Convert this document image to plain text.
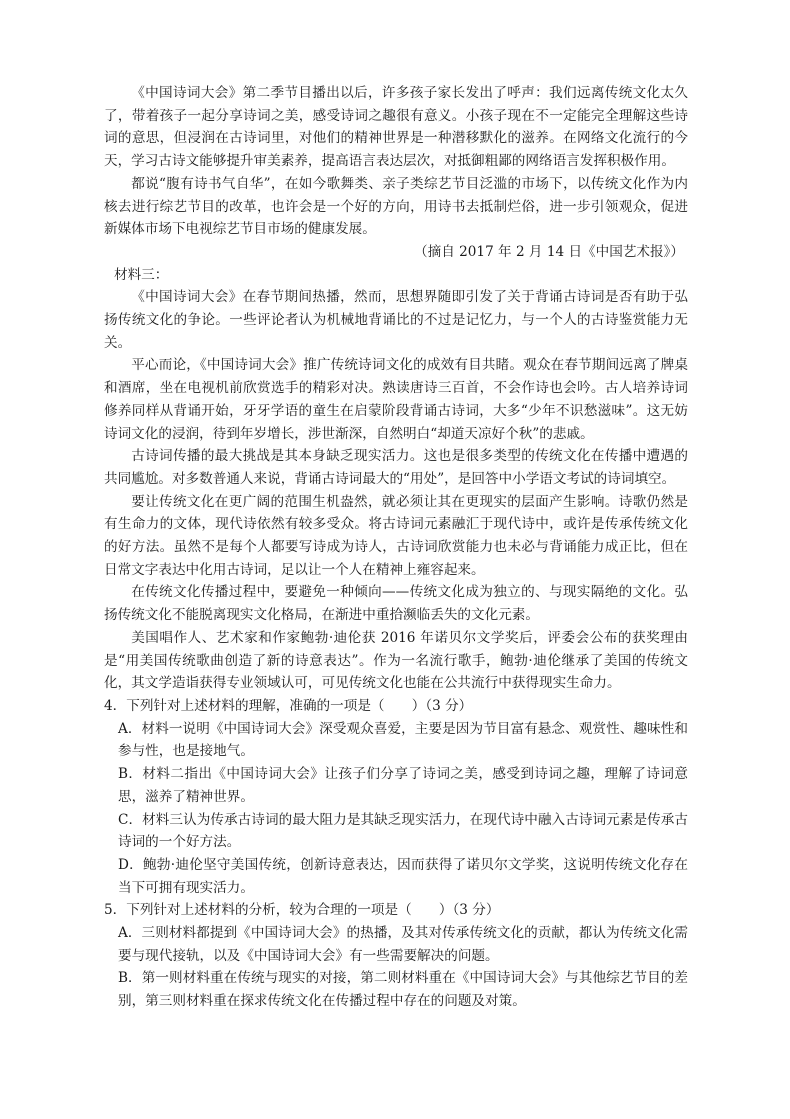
《中国诗词大会》第二季节目播出以后，许多孩子家长发出了呼声：我们远离传统文化太久了，带着孩子一起分享诗词之美，感受诗词之趣很有意义。小孩子现在不一定能完全理解这些诗词的意思，但浸润在古诗词里，对他们的精神世界是一种潜移默化的滋养。在网络文化流行的今天，学习古诗文能够提升审美素养，提高语言表达层次，对抵御粗鄙的网络语言发挥积极作用。

都说“腹有诗书气自华”，在如今歌舞类、亲子类综艺节目泛滥的市场下，以传统文化作为内核去进行综艺节目的改革，也许会是一个好的方向，用诗书去抵制烂俗，进一步引领观众，促进新媒体市场下电视综艺节目市场的健康发展。

（摘自 2017 年 2 月 14 日《中国艺术报》）

材料三：

《中国诗词大会》在春节期间热播，然而，思想界随即引发了关于背诵古诗词是否有助于弘扬传统文化的争论。一些评论者认为机械地背诵比的不过是记忆力，与一个人的古诗鉴赏能力无关。

平心而论，《中国诗词大会》推广传统诗词文化的成效有目共睹。观众在春节期间远离了牌桌和酒席，坐在电视机前欣赏选手的精彩对决。熟读唐诗三百首，不会作诗也会吟。古人培养诗词修养同样从背诵开始，牙牙学语的童生在启蒙阶段背诵古诗词，大多“少年不识愁滋味”。这无妨诗词文化的浸润，待到年岁增长，涉世渐深，自然明白“却道天凉好个秋”的悲戚。

古诗词传播的最大挑战是其本身缺乏现实活力。这也是很多类型的传统文化在传播中遭遇的共同尴尬。对多数普通人来说，背诵古诗词最大的“用处”，是回答中小学语文考试的诗词填空。

要让传统文化在更广阔的范围生机盎然，就必须让其在更现实的层面产生影响。诗歌仍然是有生命力的文体，现代诗依然有较多受众。将古诗词元素融汇于现代诗中，或许是传承传统文化的好方法。虽然不是每个人都要写诗成为诗人，古诗词欣赏能力也未必与背诵能力成正比，但在日常文字表达中化用古诗词，足以让一个人在精神上雍容起来。

在传统文化传播过程中，要避免一种倾向——传统文化成为独立的、与现实隔绝的文化。弘扬传统文化不能脱离现实文化格局，在渐进中重拾濒临丢失的文化元素。

美国唱作人、艺术家和作家鲍勃·迪伦获 2016 年诺贝尔文学奖后，评委会公布的获奖理由是“用美国传统歌曲创造了新的诗意表达”。作为一名流行歌手，鲍勃·迪伦继承了美国的传统文化，其文学造诣获得专业领域认可，可见传统文化也能在公共流行中获得现实生命力。

4．下列针对上述材料的理解，准确的一项是（　　）（3 分）

A．材料一说明《中国诗词大会》深受观众喜爱，主要是因为节目富有悬念、观赏性、趣味性和参与性，也是接地气。

B．材料二指出《中国诗词大会》让孩子们分享了诗词之美，感受到诗词之趣，理解了诗词意思，滋养了精神世界。

C．材料三认为传承古诗词的最大阻力是其缺乏现实活力，在现代诗中融入古诗词元素是传承古诗词的一个好方法。

D．鲍勃·迪伦坚守美国传统，创新诗意表达，因而获得了诺贝尔文学奖，这说明传统文化存在当下可拥有现实活力。

5．下列针对上述材料的分析，较为合理的一项是（　　）（3 分）

A．三则材料都提到《中国诗词大会》的热播，及其对传承传统文化的贡献，都认为传统文化需要与现代接轨，以及《中国诗词大会》有一些需要解决的问题。

B．第一则材料重在传统与现实的对接，第二则材料重在《中国诗词大会》与其他综艺节目的差别，第三则材料重在探求传统文化在传播过程中存在的问题及对策。
